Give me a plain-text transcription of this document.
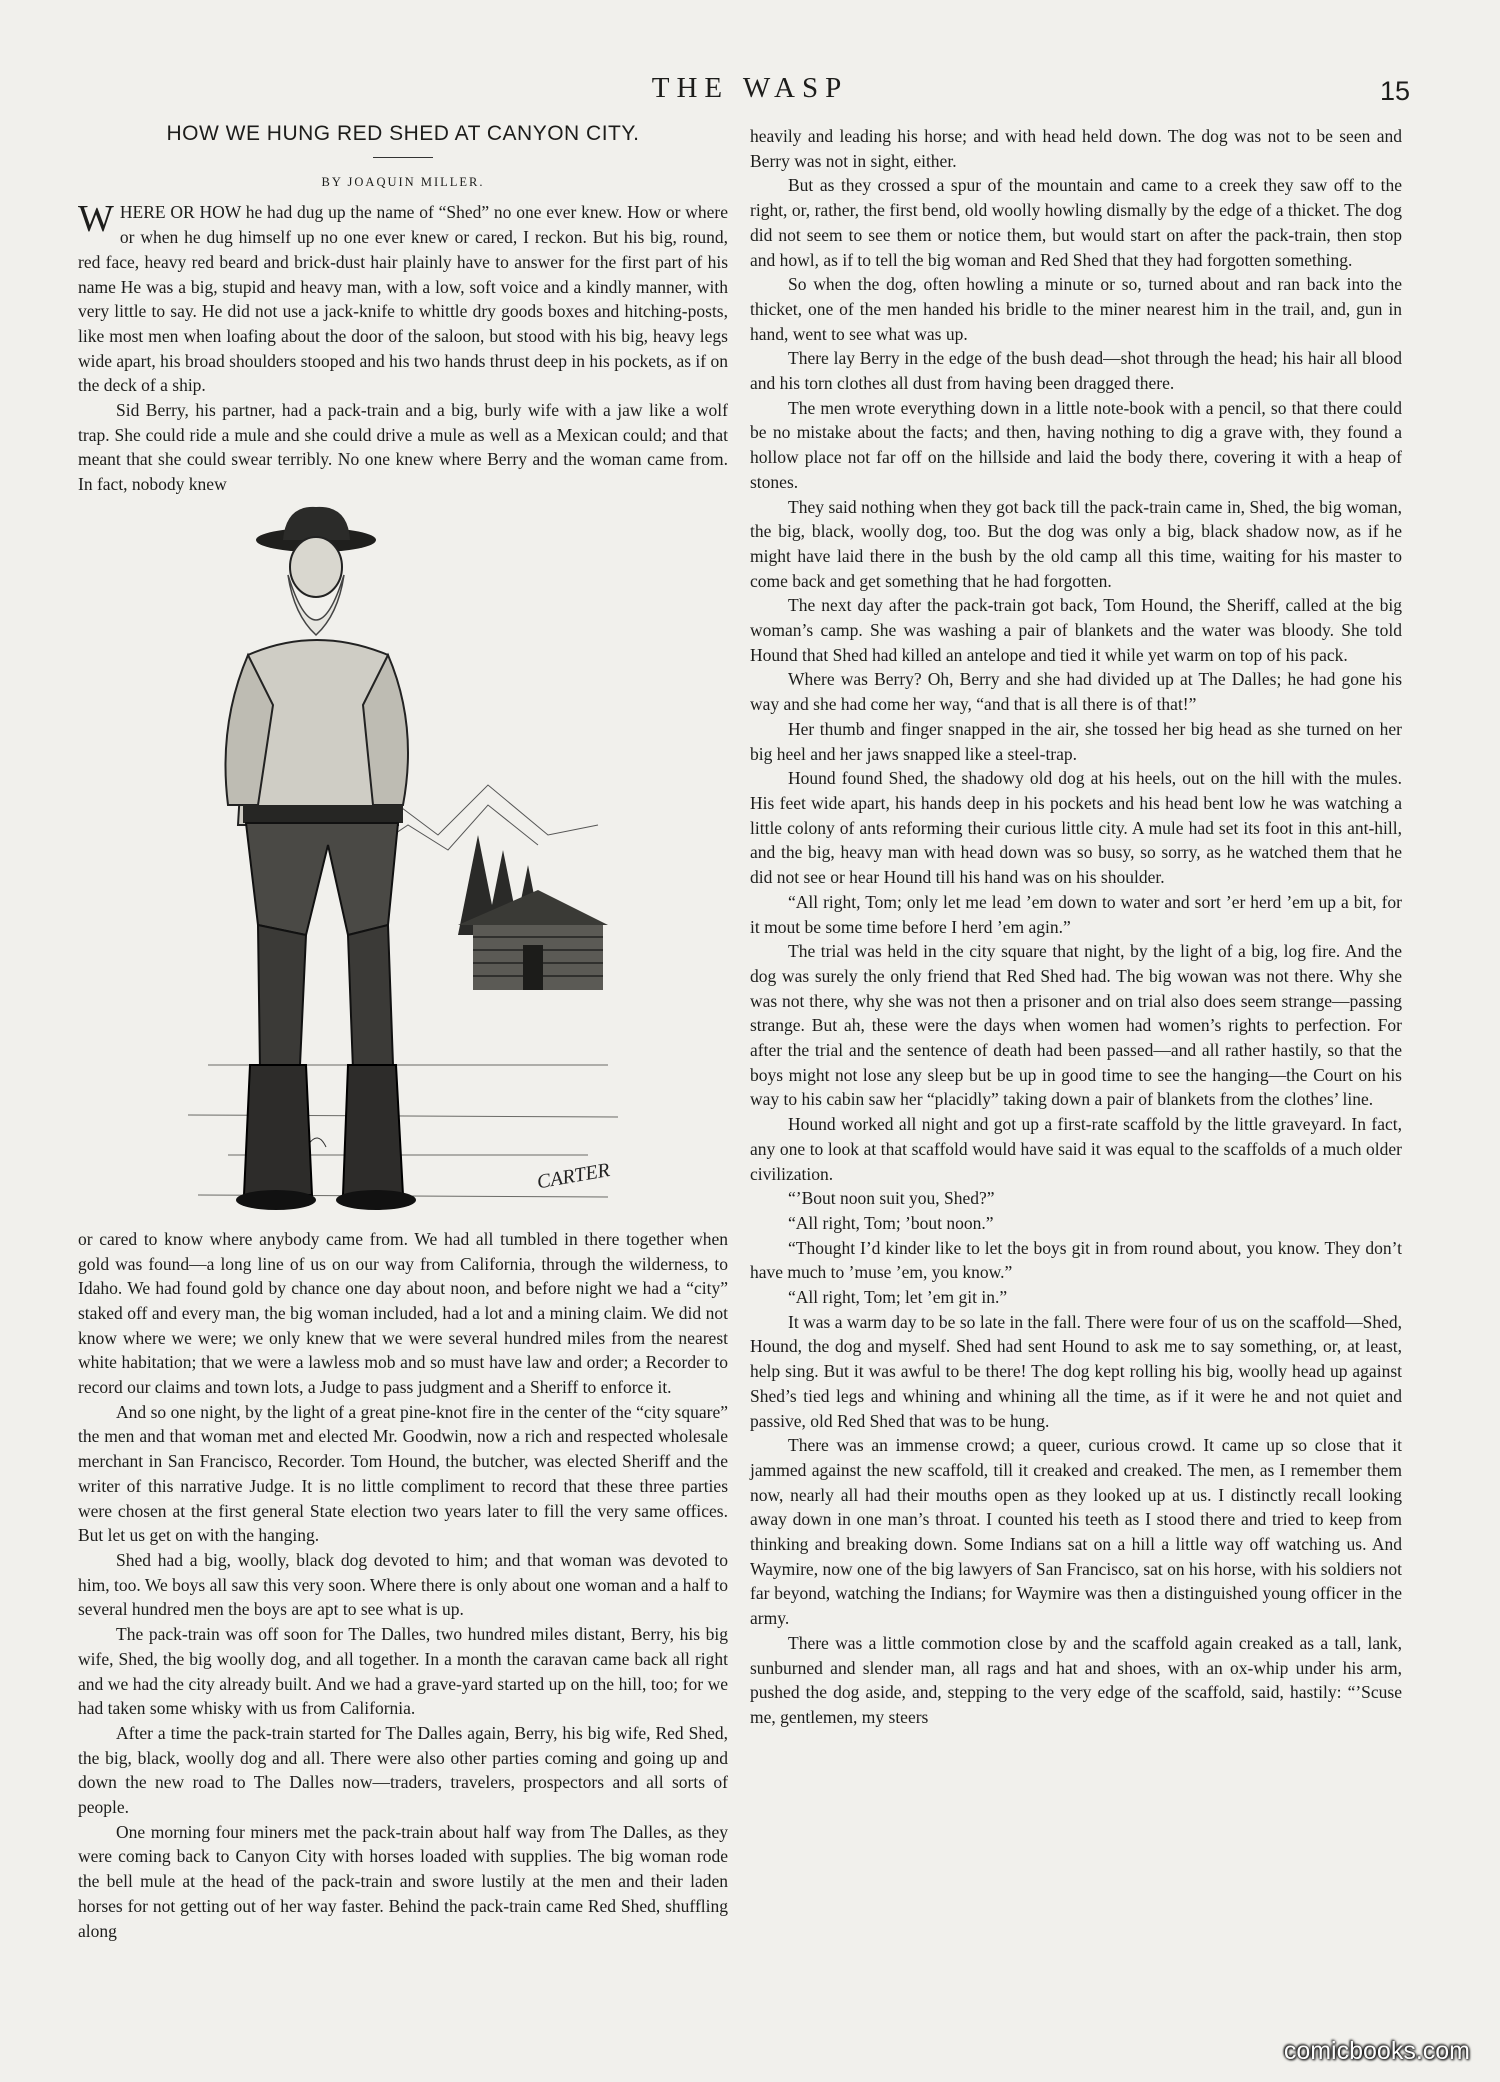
THE WASP	15
HOW WE HUNG RED SHED AT CANYON CITY.
BY JOAQUIN MILLER.

WHERE OR HOW he had dug up the name of “Shed” no one ever knew. How or where or when he dug himself up no one ever knew or cared, I reckon. But his big, round, red face, heavy red beard and brick-dust hair plainly have to answer for the first part of his name He was a big, stupid and heavy man, with a low, soft voice and a kindly manner, with very little to say. He did not use a jack-knife to whittle dry goods boxes and hitching-posts, like most men when loafing about the door of the saloon, but stood with his big, heavy legs wide apart, his broad shoulders stooped and his two hands thrust deep in his pockets, as if on the deck of a ship.

Sid Berry, his partner, had a pack-train and a big, burly wife with a jaw like a wolf trap. She could ride a mule and she could drive a mule as well as a Mexican could; and that meant that she could swear terribly. No one knew where Berry and the woman came from. In fact, nobody knew

CARTER

or cared to know where anybody came from. We had all tumbled in there together when gold was found—a long line of us on our way from California, through the wilderness, to Idaho. We had found gold by chance one day about noon, and before night we had a “city” staked off and every man, the big woman included, had a lot and a mining claim. We did not know where we were; we only knew that we were several hundred miles from the nearest white habitation; that we were a lawless mob and so must have law and order; a Recorder to record our claims and town lots, a Judge to pass judgment and a Sheriff to enforce it.

And so one night, by the light of a great pine-knot fire in the center of the “city square” the men and that woman met and elected Mr. Goodwin, now a rich and respected wholesale merchant in San Francisco, Recorder. Tom Hound, the butcher, was elected Sheriff and the writer of this narrative Judge. It is no little compliment to record that these three parties were chosen at the first general State election two years later to fill the very same offices. But let us get on with the hanging.

Shed had a big, woolly, black dog devoted to him; and that woman was devoted to him, too. We boys all saw this very soon. Where there is only about one woman and a half to several hundred men the boys are apt to see what is up.

The pack-train was off soon for The Dalles, two hundred miles distant, Berry, his big wife, Shed, the big woolly dog, and all together. In a month the caravan came back all right and we had the city already built. And we had a grave-yard started up on the hill, too; for we had taken some whisky with us from California.

After a time the pack-train started for The Dalles again, Berry, his big wife, Red Shed, the big, black, woolly dog and all. There were also other parties coming and going up and down the new road to The Dalles now—traders, travelers, prospectors and all sorts of people.

One morning four miners met the pack-train about half way from The Dalles, as they were coming back to Canyon City with horses loaded with supplies. The big woman rode the bell mule at the head of the pack-train and swore lustily at the men and their laden horses for not getting out of her way faster. Behind the pack-train came Red Shed, shuffling along

heavily and leading his horse; and with head held down. The dog was not to be seen and Berry was not in sight, either.

But as they crossed a spur of the mountain and came to a creek they saw off to the right, or, rather, the first bend, old woolly howling dismally by the edge of a thicket. The dog did not seem to see them or notice them, but would start on after the pack-train, then stop and howl, as if to tell the big woman and Red Shed that they had forgotten something.

So when the dog, often howling a minute or so, turned about and ran back into the thicket, one of the men handed his bridle to the miner nearest him in the trail, and, gun in hand, went to see what was up.

There lay Berry in the edge of the bush dead—shot through the head; his hair all blood and his torn clothes all dust from having been dragged there.

The men wrote everything down in a little note-book with a pencil, so that there could be no mistake about the facts; and then, having nothing to dig a grave with, they found a hollow place not far off on the hillside and laid the body there, covering it with a heap of stones.

They said nothing when they got back till the pack-train came in, Shed, the big woman, the big, black, woolly dog, too. But the dog was only a big, black shadow now, as if he might have laid there in the bush by the old camp all this time, waiting for his master to come back and get something that he had forgotten.

The next day after the pack-train got back, Tom Hound, the Sheriff, called at the big woman’s camp. She was washing a pair of blankets and the water was bloody. She told Hound that Shed had killed an antelope and tied it while yet warm on top of his pack.

Where was Berry? Oh, Berry and she had divided up at The Dalles; he had gone his way and she had come her way, “and that is all there is of that!”

Her thumb and finger snapped in the air, she tossed her big head as she turned on her big heel and her jaws snapped like a steel-trap.

Hound found Shed, the shadowy old dog at his heels, out on the hill with the mules. His feet wide apart, his hands deep in his pockets and his head bent low he was watching a little colony of ants reforming their curious little city. A mule had set its foot in this ant-hill, and the big, heavy man with head down was so busy, so sorry, as he watched them that he did not see or hear Hound till his hand was on his shoulder.

“All right, Tom; only let me lead ’em down to water and sort ’er herd ’em up a bit, for it mout be some time before I herd ’em agin.”

The trial was held in the city square that night, by the light of a big, log fire. And the dog was surely the only friend that Red Shed had. The big wowan was not there. Why she was not there, why she was not then a prisoner and on trial also does seem strange—passing strange. But ah, these were the days when women had women’s rights to perfection. For after the trial and the sentence of death had been passed—and all rather hastily, so that the boys might not lose any sleep but be up in good time to see the hanging—the Court on his way to his cabin saw her “placidly” taking down a pair of blankets from the clothes’ line.

Hound worked all night and got up a first-rate scaffold by the little graveyard. In fact, any one to look at that scaffold would have said it was equal to the scaffolds of a much older civilization.

“’Bout noon suit you, Shed?”

“All right, Tom; ’bout noon.”

“Thought I’d kinder like to let the boys git in from round about, you know. They don’t have much to ’muse ’em, you know.”

“All right, Tom; let ’em git in.”

It was a warm day to be so late in the fall. There were four of us on the scaffold—Shed, Hound, the dog and myself. Shed had sent Hound to ask me to say something, or, at least, help sing. But it was awful to be there! The dog kept rolling his big, woolly head up against Shed’s tied legs and whining and whining all the time, as if it were he and not quiet and passive, old Red Shed that was to be hung.

There was an immense crowd; a queer, curious crowd. It came up so close that it jammed against the new scaffold, till it creaked and creaked. The men, as I remember them now, nearly all had their mouths open as they looked up at us. I distinctly recall looking away down in one man’s throat. I counted his teeth as I stood there and tried to keep from thinking and breaking down. Some Indians sat on a hill a little way off watching us. And Waymire, now one of the big lawyers of San Francisco, sat on his horse, with his soldiers not far beyond, watching the Indians; for Waymire was then a distinguished young officer in the army.

There was a little commotion close by and the scaffold again creaked as a tall, lank, sunburned and slender man, all rags and hat and shoes, with an ox-whip under his arm, pushed the dog aside, and, stepping to the very edge of the scaffold, said, hastily: “’Scuse me, gentlemen, my steers

comicbooks.com
